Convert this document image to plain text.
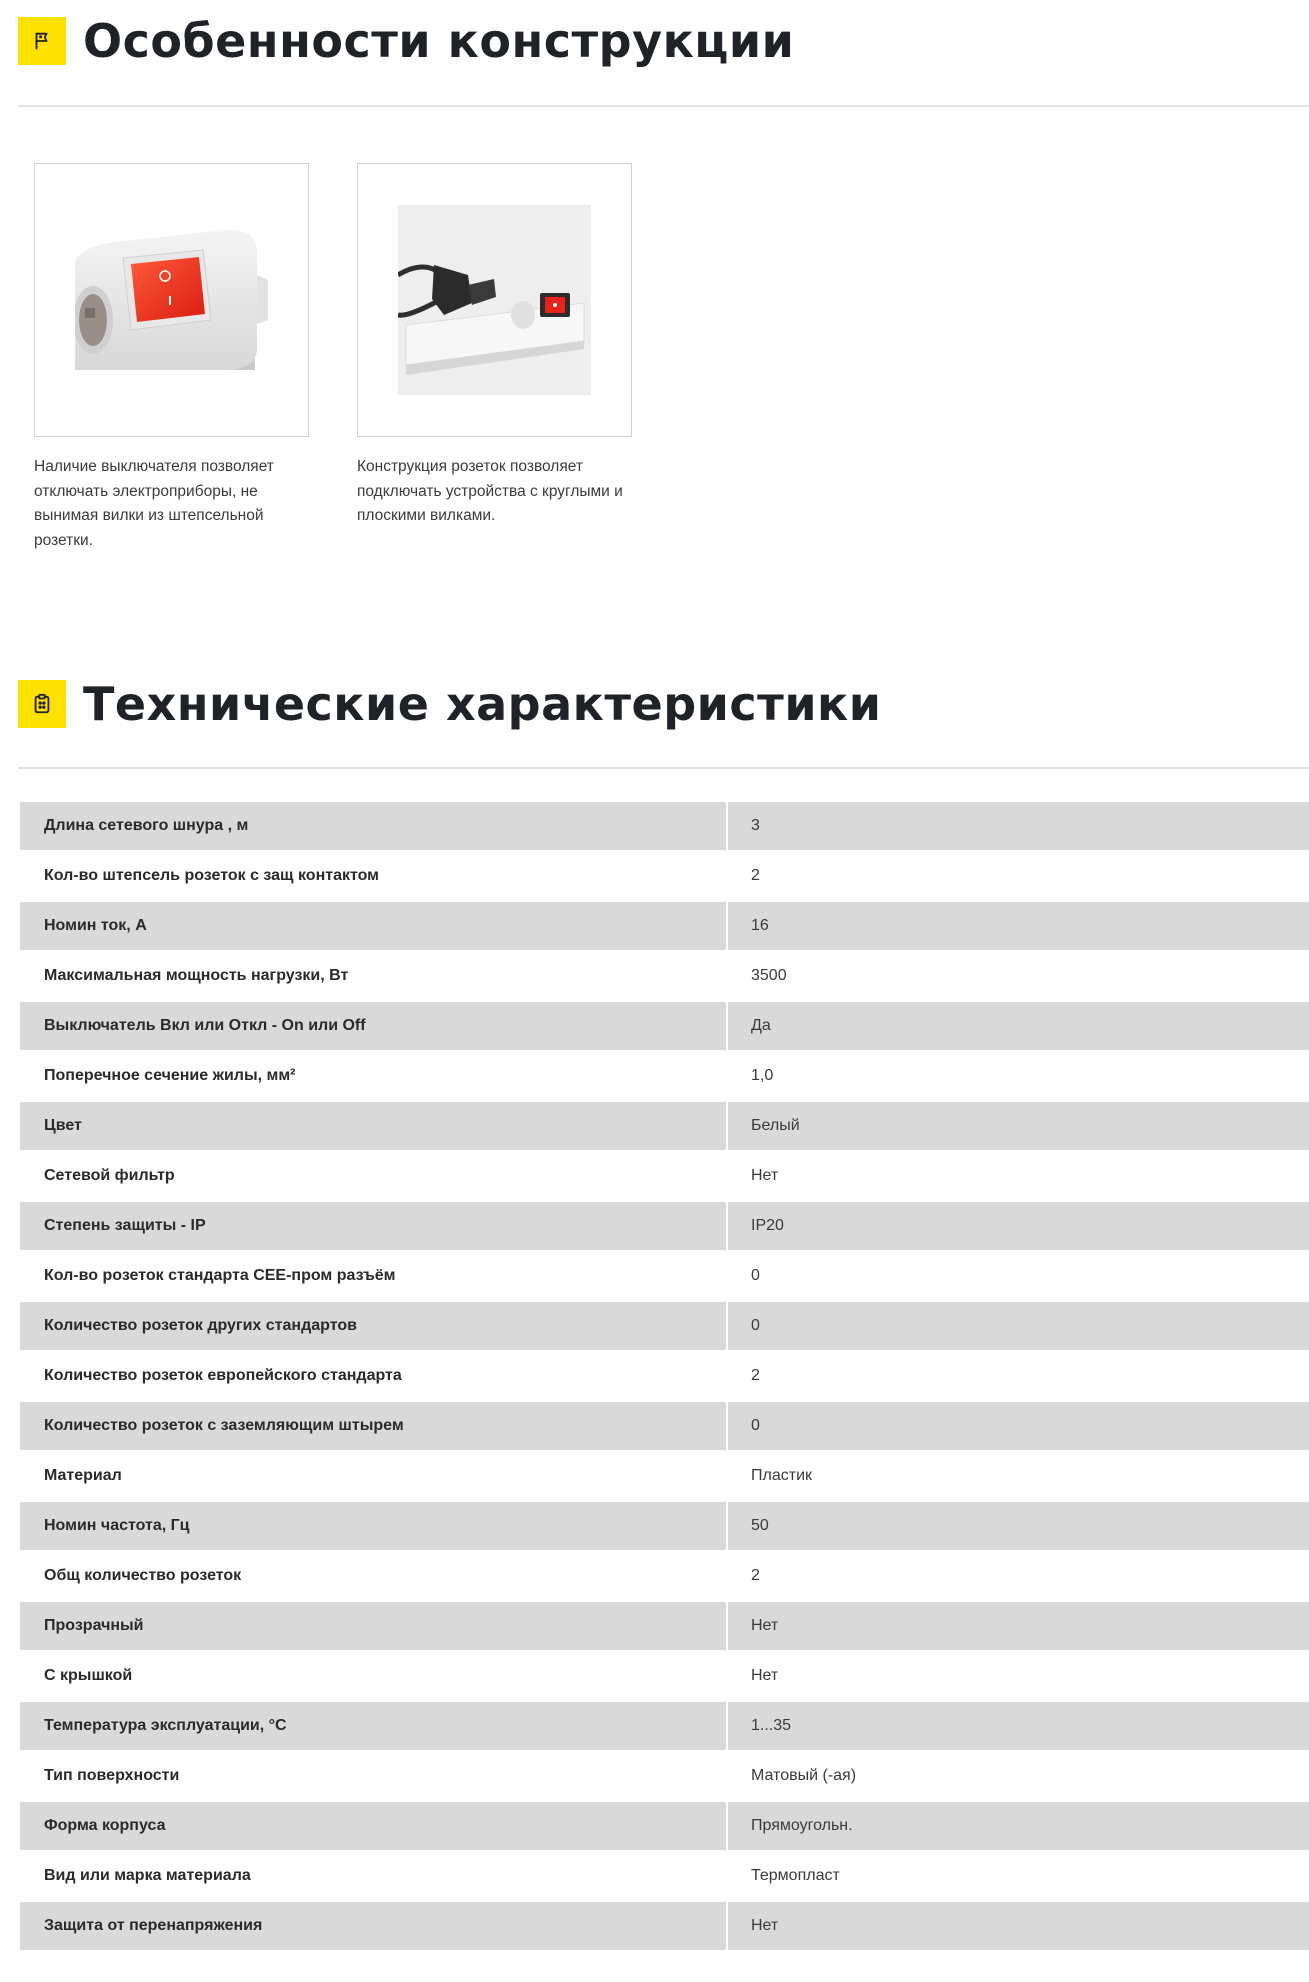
Особенности конструкции

Наличие выключателя позволяет отключать электроприборы, не вынимая вилки из штепсельной розетки.

Конструкция розеток позволяет подключать устройства с круглыми и плоскими вилками.

Технические характеристики
Длина сетевого шнура , м	3
Кол-во штепсель розеток с защ контактом	2
Номин ток, А	16
Максимальная мощность нагрузки, Вт	3500
Выключатель Вкл или Откл - On или Off	Да
Поперечное сечение жилы, мм²	1,0
Цвет	Белый
Сетевой фильтр	Нет
Степень защиты - IP	IP20
Кол-во розеток стандарта CEE-пром разъём	0
Количество розеток других стандартов	0
Количество розеток европейского стандарта	2
Количество розеток с заземляющим штырем	0
Материал	Пластик
Номин частота, Гц	50
Общ количество розеток	2
Прозрачный	Нет
С крышкой	Нет
Температура эксплуатации, °C	1...35
Тип поверхности	Матовый (-ая)
Форма корпуса	Прямоугольн.
Вид или марка материала	Термопласт
Защита от перенапряжения	Нет
